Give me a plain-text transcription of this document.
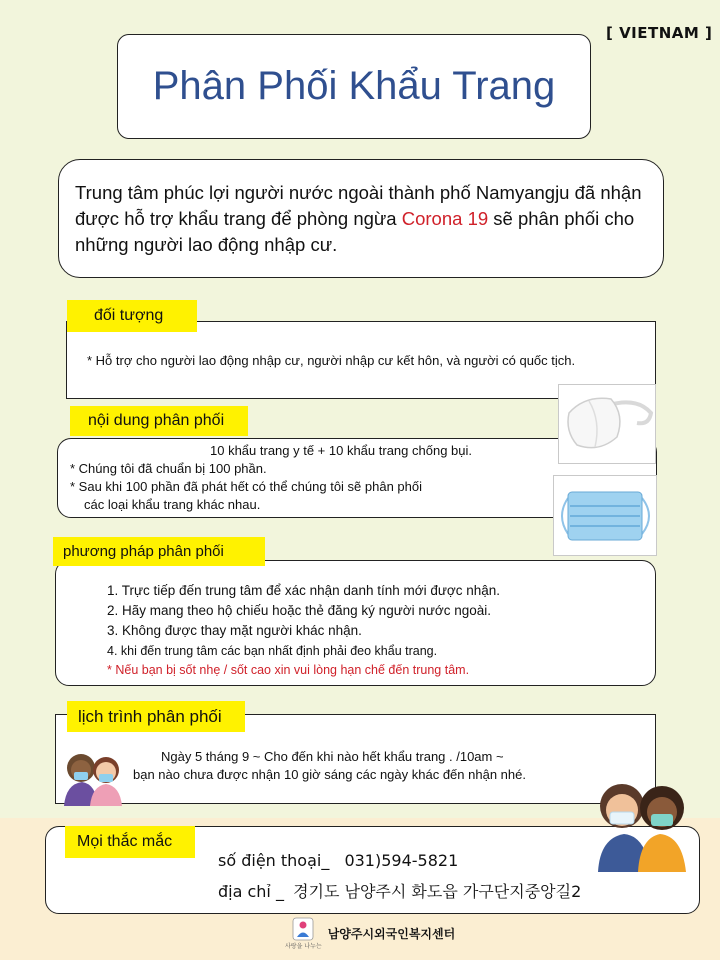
[ VIETNAM ]
Phân Phối Khẩu Trang
Trung tâm phúc lợi người nước ngoài thành phố Namyangju đã nhận được hỗ trợ khẩu trang để phòng ngừa Corona 19 sẽ phân phối cho những người lao động nhập cư.
* Hỗ trợ cho người lao động nhập cư, người nhập cư kết hôn, và người có quốc tịch.
đối tượng
10 khẩu trang y tế + 10 khẩu trang chống bụi.
* Chúng tôi đã chuẩn bị 100 phần.
* Sau khi 100 phần đã phát hết có thể chúng tôi sẽ phân phối
các loại khẩu trang khác nhau.
nội dung phân phối
1. Trực tiếp đến trung tâm để xác nhận danh tính mới được nhận.
2. Hãy mang theo hộ chiếu hoặc thẻ đăng ký người nước ngoài.
3. Không được thay mặt người khác nhận.
4. khi đến trung tâm các bạn nhất định phải đeo khẩu trang.
* Nếu bạn bị sốt nhẹ / sốt cao xin vui lòng hạn chế đến trung tâm.
phương pháp phân phối
Ngày 5 tháng 9 ~ Cho đến khi nào hết khẩu trang . /10am ~
bạn nào chưa được nhận 10 giờ sáng các ngày khác đến nhận nhé.
lịch trình phân phối
Mọi thắc mắc
số điện thoại_ 031)594-5821
địa chỉ _ 경기도 남양주시 화도읍 가구단지중앙길2
사랑을 나누는
남양주시외국인복지센터
